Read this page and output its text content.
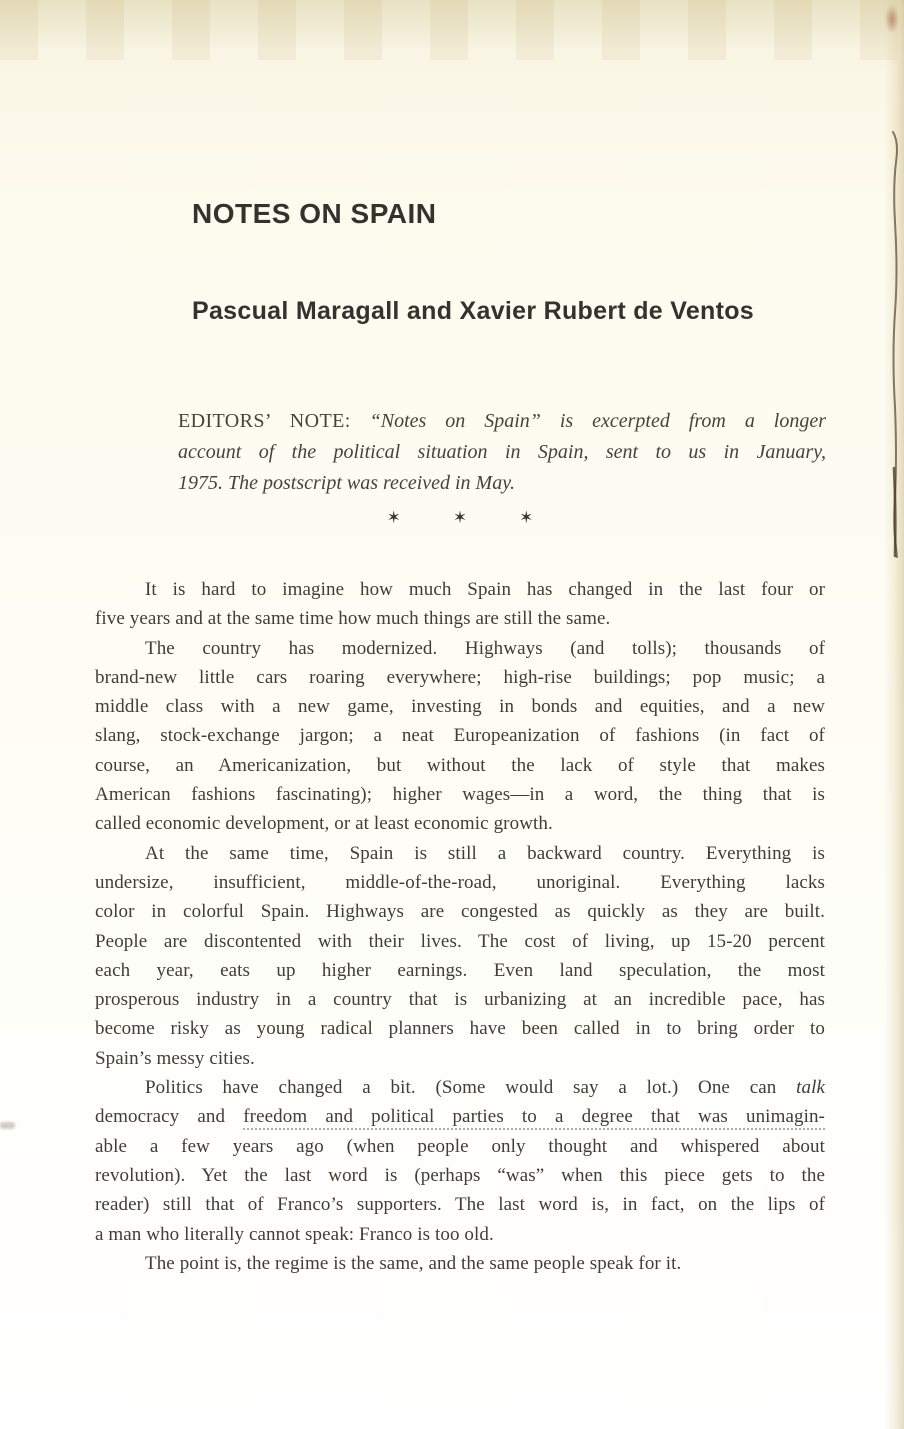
NOTES ON SPAIN
Pascual Maragall and Xavier Rubert de Ventos
EDITORS’ NOTE: “Notes on Spain” is excerpted from a longer
account of the political situation in Spain, sent to us in January,
1975. The postscript was received in May.
✶	✶	✶

It is hard to imagine how much Spain has changed in the last four or
five years and at the same time how much things are still the same.

The country has modernized. Highways (and tolls); thousands of
brand-new little cars roaring everywhere; high-rise buildings; pop music; a
middle class with a new game, investing in bonds and equities, and a new
slang, stock-exchange jargon; a neat Europeanization of fashions (in fact of
course, an Americanization, but without the lack of style that makes
American fashions fascinating); higher wages—in a word, the thing that is
called economic development, or at least economic growth.

At the same time, Spain is still a backward country. Everything is
undersize, insufficient, middle-of-the-road, unoriginal. Everything lacks
color in colorful Spain. Highways are congested as quickly as they are built.
People are discontented with their lives. The cost of living, up 15-20 percent
each year, eats up higher earnings. Even land speculation, the most
prosperous industry in a country that is urbanizing at an incredible pace, has
become risky as young radical planners have been called in to bring order to
Spain’s messy cities.

Politics have changed a bit. (Some would say a lot.) One can talk
democracy and freedom and political parties to a degree that was unimagin-
able a few years ago (when people only thought and whispered about
revolution). Yet the last word is (perhaps “was” when this piece gets to the
reader) still that of Franco’s supporters. The last word is, in fact, on the lips of
a man who literally cannot speak: Franco is too old.

The point is, the regime is the same, and the same people speak for it.
